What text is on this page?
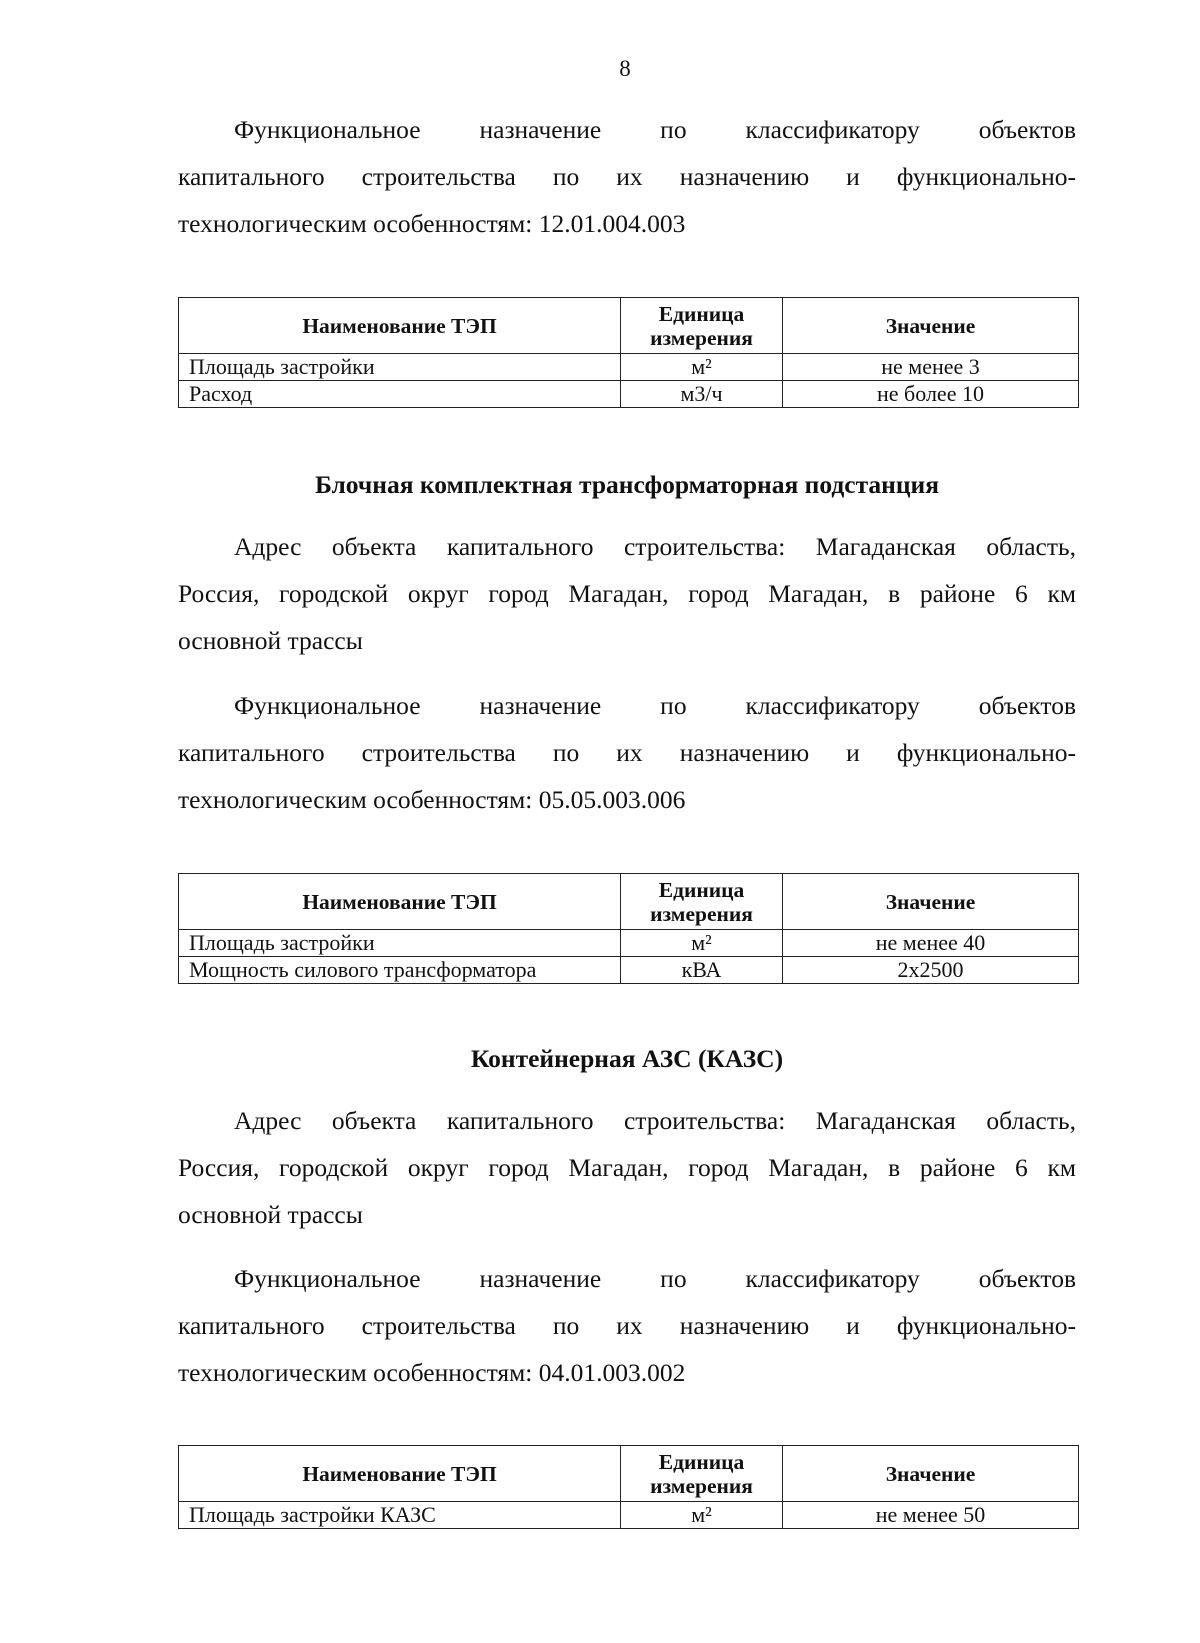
8
Функциональное назначение по классификатору объектов
капитального строительства по их назначению и функционально-
технологическим особенностям: 12.01.004.003
Наименование ТЭП	Единица измерения	Значение
Площадь застройки	м²	не менее 3
Расход	м3/ч	не более 10
Блочная комплектная трансформаторная подстанция
Адрес объекта капитального строительства: Магаданская область,
Россия, городской округ город Магадан, город Магадан, в районе 6 км
основной трассы
Функциональное назначение по классификатору объектов
капитального строительства по их назначению и функционально-
технологическим особенностям: 05.05.003.006
Наименование ТЭП	Единица измерения	Значение
Площадь застройки	м²	не менее 40
Мощность силового трансформатора	кВА	2х2500
Контейнерная АЗС (КАЗС)
Адрес объекта капитального строительства: Магаданская область,
Россия, городской округ город Магадан, город Магадан, в районе 6 км
основной трассы
Функциональное назначение по классификатору объектов
капитального строительства по их назначению и функционально-
технологическим особенностям: 04.01.003.002
Наименование ТЭП	Единица измерения	Значение
Площадь застройки КАЗС	м²	не менее 50
